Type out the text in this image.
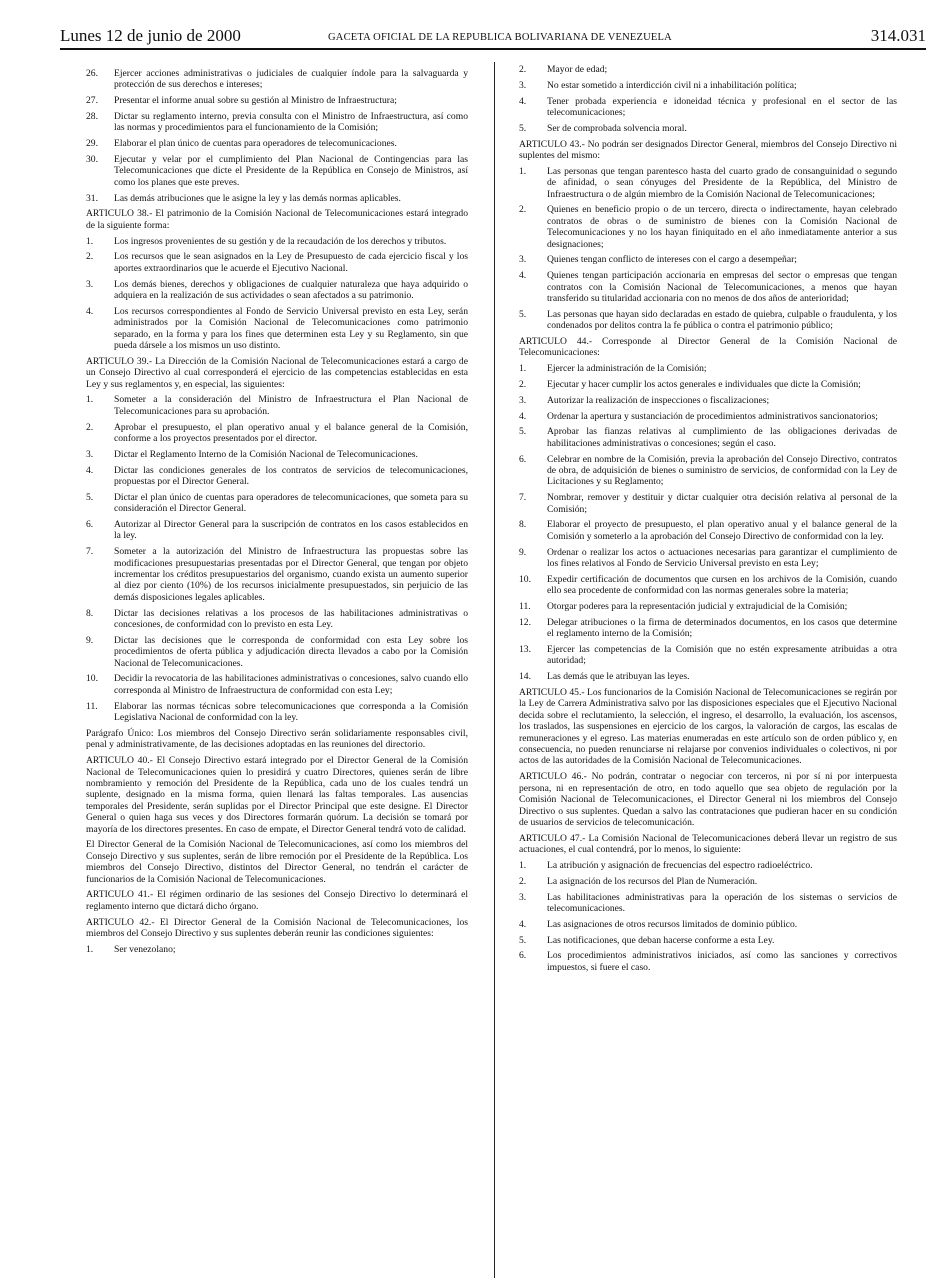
Lunes 12 de junio de 2000	GACETA OFICIAL DE LA REPUBLICA BOLIVARIANA DE VENEZUELA	314.031
26.	Ejercer acciones administrativas o judiciales de cualquier índole para la salvaguarda y protección de sus derechos e intereses;
27.	Presentar el informe anual sobre su gestión al Ministro de Infraestructura;
28.	Dictar su reglamento interno, previa consulta con el Ministro de Infraestructura, así como las normas y procedimientos para el funcionamiento de la Comisión;
29.	Elaborar el plan único de cuentas para operadores de telecomunicaciones.
30.	Ejecutar y velar por el cumplimiento del Plan Nacional de Contingencias para las Telecomunicaciones que dicte el Presidente de la República en Consejo de Ministros, así como los planes que este preves.
31.	Las demás atribuciones que le asigne la ley y las demás normas aplicables.
ARTICULO 38.- El patrimonio de la Comisión Nacional de Telecomunicaciones estará integrado de la siguiente forma:
1.	Los ingresos provenientes de su gestión y de la recaudación de los derechos y tributos.
2.	Los recursos que le sean asignados en la Ley de Presupuesto de cada ejercicio fiscal y los aportes extraordinarios que le acuerde el Ejecutivo Nacional.
3.	Los demás bienes, derechos y obligaciones de cualquier naturaleza que haya adquirido o adquiera en la realización de sus actividades o sean afectados a su patrimonio.
4.	Los recursos correspondientes al Fondo de Servicio Universal previsto en esta Ley, serán administrados por la Comisión Nacional de Telecomunicaciones como patrimonio separado, en la forma y para los fines que determinen esta Ley y su Reglamento, sin que pueda dársele a los mismos un uso distinto.
ARTICULO 39.- La Dirección de la Comisión Nacional de Telecomunicaciones estará a cargo de un Consejo Directivo al cual corresponderá el ejercicio de las competencias establecidas en esta Ley y sus reglamentos y, en especial, las siguientes:
1.	Someter a la consideración del Ministro de Infraestructura el Plan Nacional de Telecomunicaciones para su aprobación.
2.	Aprobar el presupuesto, el plan operativo anual y el balance general de la Comisión, conforme a los proyectos presentados por el director.
3.	Dictar el Reglamento Interno de la Comisión Nacional de Telecomunicaciones.
4.	Dictar las condiciones generales de los contratos de servicios de telecomunicaciones, propuestas por el Director General.
5.	Dictar el plan único de cuentas para operadores de telecomunicaciones, que someta para su consideración el Director General.
6.	Autorizar al Director General para la suscripción de contratos en los casos establecidos en la ley.
7.	Someter a la autorización del Ministro de Infraestructura las propuestas sobre las modificaciones presupuestarias presentadas por el Director General, que tengan por objeto incrementar los créditos presupuestarios del organismo, cuando exista un aumento superior al diez por ciento (10%) de los recursos inicialmente presupuestados, sin perjuicio de las demás disposiciones legales aplicables.
8.	Dictar las decisiones relativas a los procesos de las habilitaciones administrativas o concesiones, de conformidad con lo previsto en esta Ley.
9.	Dictar las decisiones que le corresponda de conformidad con esta Ley sobre los procedimientos de oferta pública y adjudicación directa llevados a cabo por la Comisión Nacional de Telecomunicaciones.
10.	Decidir la revocatoria de las habilitaciones administrativas o concesiones, salvo cuando ello corresponda al Ministro de Infraestructura de conformidad con esta Ley;
11.	Elaborar las normas técnicas sobre telecomunicaciones que corresponda a la Comisión Legislativa Nacional de conformidad con la ley.
Parágrafo Único: Los miembros del Consejo Directivo serán solidariamente responsables civil, penal y administrativamente, de las decisiones adoptadas en las reuniones del directorio.
ARTICULO 40.- El Consejo Directivo estará integrado por el Director General de la Comisión Nacional de Telecomunicaciones quien lo presidirá y cuatro Directores, quienes serán de libre nombramiento y remoción del Presidente de la República, cada uno de los cuales tendrá un suplente, designado en la misma forma, quien llenará las faltas temporales. Las ausencias temporales del Presidente, serán suplidas por el Director Principal que este designe. El Director General o quien haga sus veces y dos Directores formarán quórum. La decisión se tomará por mayoría de los directores presentes. En caso de empate, el Director General tendrá voto de calidad.
El Director General de la Comisión Nacional de Telecomunicaciones, así como los miembros del Consejo Directivo y sus suplentes, serán de libre remoción por el Presidente de la República. Los miembros del Consejo Directivo, distintos del Director General, no tendrán el carácter de funcionarios de la Comisión Nacional de Telecomunicaciones.
ARTICULO 41.- El régimen ordinario de las sesiones del Consejo Directivo lo determinará el reglamento interno que dictará dicho órgano.
ARTICULO 42.- El Director General de la Comisión Nacional de Telecomunicaciones, los miembros del Consejo Directivo y sus suplentes deberán reunir las condiciones siguientes:
1.	Ser venezolano;
2.	Mayor de edad;
3.	No estar sometido a interdicción civil ni a inhabilitación política;
4.	Tener probada experiencia e idoneidad técnica y profesional en el sector de las telecomunicaciones;
5.	Ser de comprobada solvencia moral.
ARTICULO 43.- No podrán ser designados Director General, miembros del Consejo Directivo ni suplentes del mismo:
1.	Las personas que tengan parentesco hasta del cuarto grado de consanguinidad o segundo de afinidad, o sean cónyuges del Presidente de la República, del Ministro de Infraestructura o de algún miembro de la Comisión Nacional de Telecomunicaciones;
2.	Quienes en beneficio propio o de un tercero, directa o indirectamente, hayan celebrado contratos de obras o de suministro de bienes con la Comisión Nacional de Telecomunicaciones y no los hayan finiquitado en el año inmediatamente anterior a sus designaciones;
3.	Quienes tengan conflicto de intereses con el cargo a desempeñar;
4.	Quienes tengan participación accionaria en empresas del sector o empresas que tengan contratos con la Comisión Nacional de Telecomunicaciones, a menos que hayan transferido su titularidad accionaria con no menos de dos años de anterioridad;
5.	Las personas que hayan sido declaradas en estado de quiebra, culpable o fraudulenta, y los condenados por delitos contra la fe pública o contra el patrimonio público;
ARTICULO 44.- Corresponde al Director General de la Comisión Nacional de Telecomunicaciones:
1.	Ejercer la administración de la Comisión;
2.	Ejecutar y hacer cumplir los actos generales e individuales que dicte la Comisión;
3.	Autorizar la realización de inspecciones o fiscalizaciones;
4.	Ordenar la apertura y sustanciación de procedimientos administrativos sancionatorios;
5.	Aprobar las fianzas relativas al cumplimiento de las obligaciones derivadas de habilitaciones administrativas o concesiones; según el caso.
6.	Celebrar en nombre de la Comisión, previa la aprobación del Consejo Directivo, contratos de obra, de adquisición de bienes o suministro de servicios, de conformidad con la Ley de Licitaciones y su Reglamento;
7.	Nombrar, remover y destituir y dictar cualquier otra decisión relativa al personal de la Comisión;
8.	Elaborar el proyecto de presupuesto, el plan operativo anual y el balance general de la Comisión y someterlo a la aprobación del Consejo Directivo de conformidad con la ley.
9.	Ordenar o realizar los actos o actuaciones necesarias para garantizar el cumplimiento de los fines relativos al Fondo de Servicio Universal previsto en esta Ley;
10.	Expedir certificación de documentos que cursen en los archivos de la Comisión, cuando ello sea procedente de conformidad con las normas generales sobre la materia;
11.	Otorgar poderes para la representación judicial y extrajudicial de la Comisión;
12.	Delegar atribuciones o la firma de determinados documentos, en los casos que determine el reglamento interno de la Comisión;
13.	Ejercer las competencias de la Comisión que no estén expresamente atribuidas a otra autoridad;
14.	Las demás que le atribuyan las leyes.
ARTICULO 45.- Los funcionarios de la Comisión Nacional de Telecomunicaciones se regirán por la Ley de Carrera Administrativa salvo por las disposiciones especiales que el Ejecutivo Nacional decida sobre el reclutamiento, la selección, el ingreso, el desarrollo, la evaluación, los ascensos, los traslados, las suspensiones en ejercicio de los cargos, la valoración de cargos, las escalas de remuneraciones y el egreso. Las materias enumeradas en este artículo son de orden público y, en consecuencia, no pueden renunciarse ni relajarse por convenios individuales o colectivos, ni por actos de las autoridades de la Comisión Nacional de Telecomunicaciones.
ARTICULO 46.- No podrán, contratar o negociar con terceros, ni por sí ni por interpuesta persona, ni en representación de otro, en todo aquello que sea objeto de regulación por la Comisión Nacional de Telecomunicaciones, el Director General ni los miembros del Consejo Directivo o sus suplentes. Quedan a salvo las contrataciones que pudieran hacer en su condición de usuarios de servicios de telecomunicación.
ARTICULO 47.- La Comisión Nacional de Telecomunicaciones deberá llevar un registro de sus actuaciones, el cual contendrá, por lo menos, lo siguiente:
1.	La atribución y asignación de frecuencias del espectro radioeléctrico.
2.	La asignación de los recursos del Plan de Numeración.
3.	Las habilitaciones administrativas para la operación de los sistemas o servicios de telecomunicaciones.
4.	Las asignaciones de otros recursos limitados de dominio público.
5.	Las notificaciones, que deban hacerse conforme a esta Ley.
6.	Los procedimientos administrativos iniciados, así como las sanciones y correctivos impuestos, si fuere el caso.
